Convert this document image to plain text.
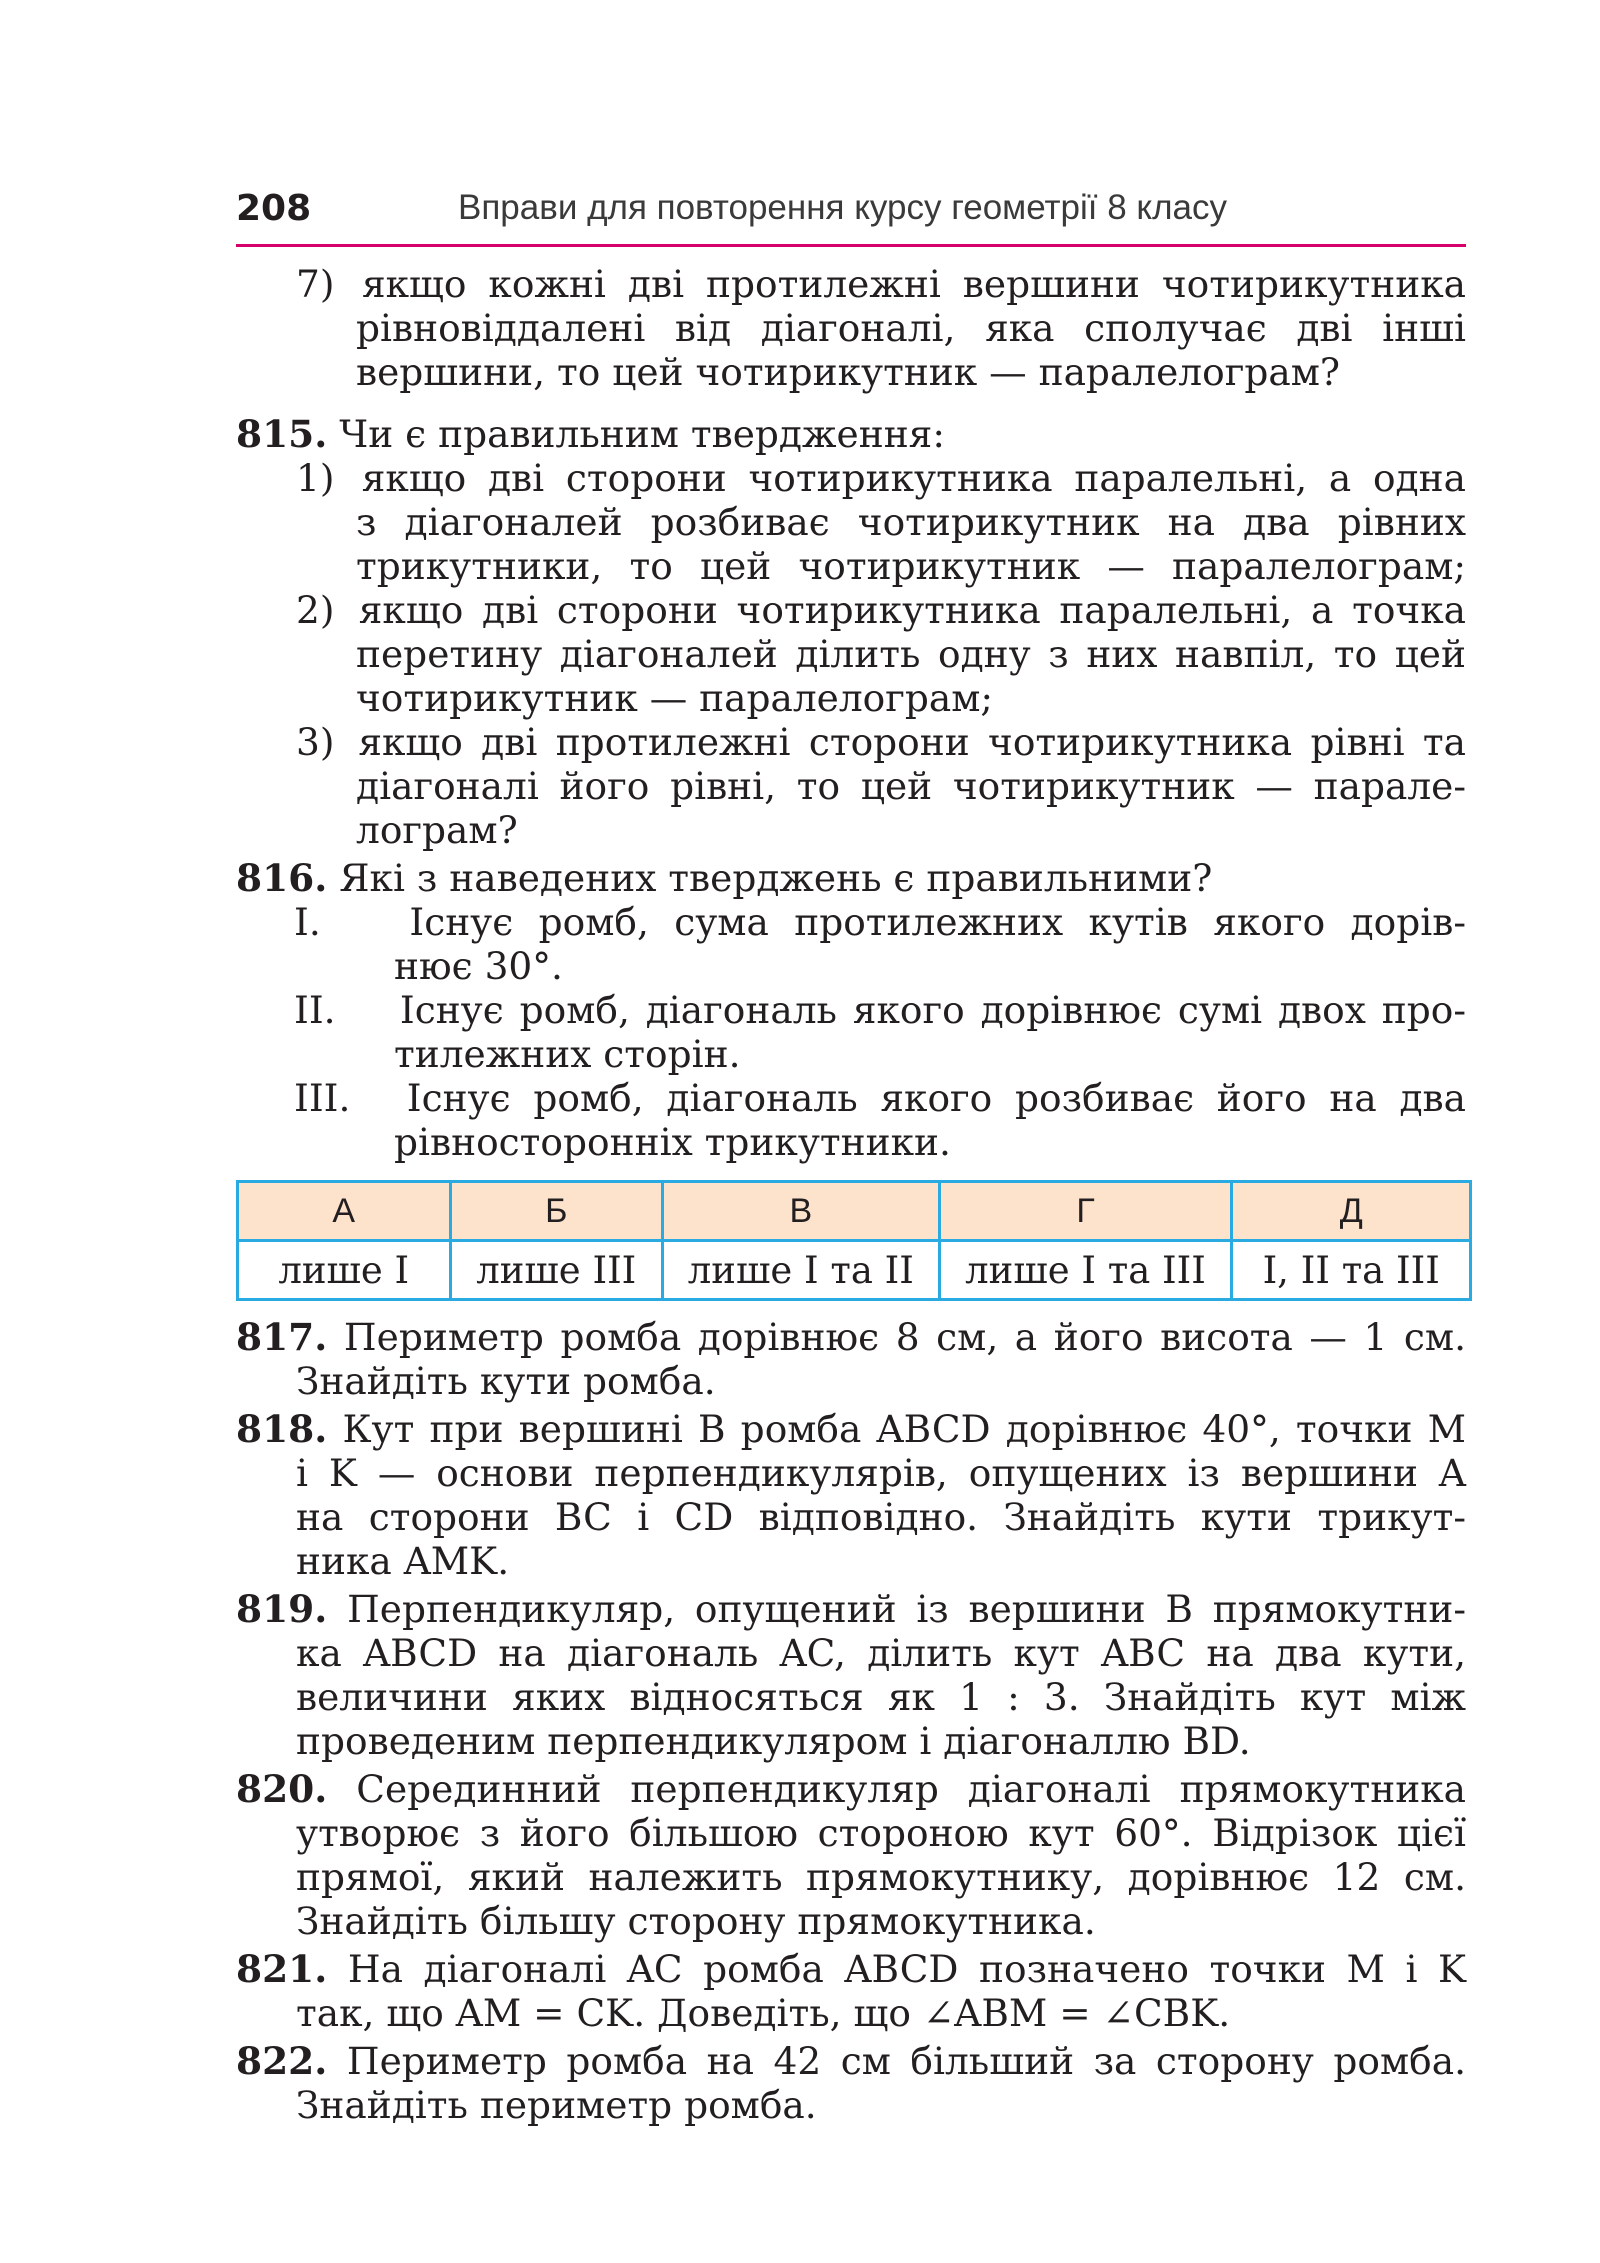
208	Вправи для повторення курсу геометрії 8 класу
7) якщо кожні дві протилежні вершини чотирикутника
рівновіддалені від діагоналі, яка сполучає дві інші
вершини, то цей чотирикутник — паралелограм?
815. Чи є правильним твердження:
1) якщо дві сторони чотирикутника паралельні, а одна
з діагоналей розбиває чотирикутник на два рівних
трикутники, то цей чотирикутник — паралелограм;
2) якщо дві сторони чотирикутника паралельні, а точка
перетину діагоналей ділить одну з них навпіл, то цей
чотирикутник — паралелограм;
3) якщо дві протилежні сторони чотирикутника рівні та
діагоналі його рівні, то цей чотирикутник — парале-
лограм?
816. Які з наведених тверджень є правильними?
I. Існує ромб, сума протилежних кутів якого дорів-
нює 30°.
II. Існує ромб, діагональ якого дорівнює сумі двох про-
тилежних сторін.
III. Існує ромб, діагональ якого розбиває його на два
рівносторонніх трикутники.
А	Б	В	Г	Д
лише I	лише III	лише I та II	лише I та III	I, II та III
817. Периметр ромба дорівнює 8 см, а його висота — 1 см.
Знайдіть кути ромба.
818. Кут при вершині B ромба ABCD дорівнює 40°, точки M
і K — основи перпендикулярів, опущених із вершини A
на сторони BC і CD відповідно. Знайдіть кути трикут-
ника AMK.
819. Перпендикуляр, опущений із вершини B прямокутни-
ка ABCD на діагональ AC, ділить кут ABC на два кути,
величини яких відносяться як 1 : 3. Знайдіть кут між
проведеним перпендикуляром і діагоналлю BD.
820. Серединний перпендикуляр діагоналі прямокутника
утворює з його більшою стороною кут 60°. Відрізок цієї
прямої, який належить прямокутнику, дорівнює 12 см.
Знайдіть більшу сторону прямокутника.
821. На діагоналі AC ромба ABCD позначено точки M і K
так, що AM = CK. Доведіть, що ∠ABM = ∠CBK.
822. Периметр ромба на 42 см більший за сторону ромба.
Знайдіть периметр ромба.
